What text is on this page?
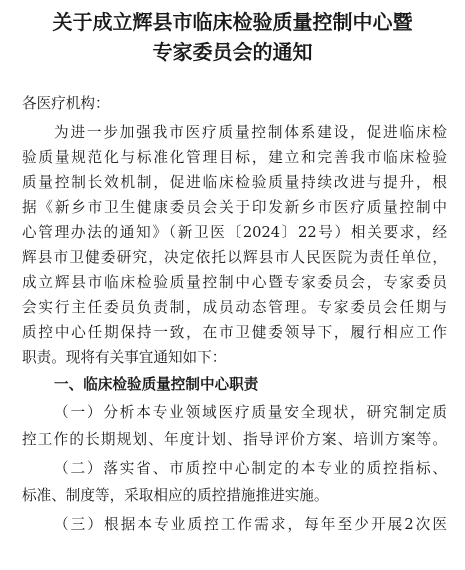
关于成立辉县市临床检验质量控制中心暨
专家委员会的通知
各医疗机构：
为进一步加强我市医疗质量控制体系建设，促进临床检
验质量规范化与标准化管理目标，建立和完善我市临床检验
质量控制长效机制，促进临床检验质量持续改进与提升，根
据《新乡市卫生健康委员会关于印发新乡市医疗质量控制中
心管理办法的通知》（新卫医〔2024〕22号）相关要求，经
辉县市卫健委研究，决定依托以辉县市人民医院为责任单位，
成立辉县市临床检验质量控制中心暨专家委员会，专家委员
会实行主任委员负责制，成员动态管理。专家委员会任期与
质控中心任期保持一致，在市卫健委领导下，履行相应工作
职责。现将有关事宜通知如下：
一、临床检验质量控制中心职责
（一）分析本专业领域医疗质量安全现状，研究制定质
控工作的长期规划、年度计划、指导评价方案、培训方案等。
（二）落实省、市质控中心制定的本专业的质控指标、
标准、制度等，采取相应的质控措施推进实施。
（三）根据本专业质控工作需求，每年至少开展2次医
